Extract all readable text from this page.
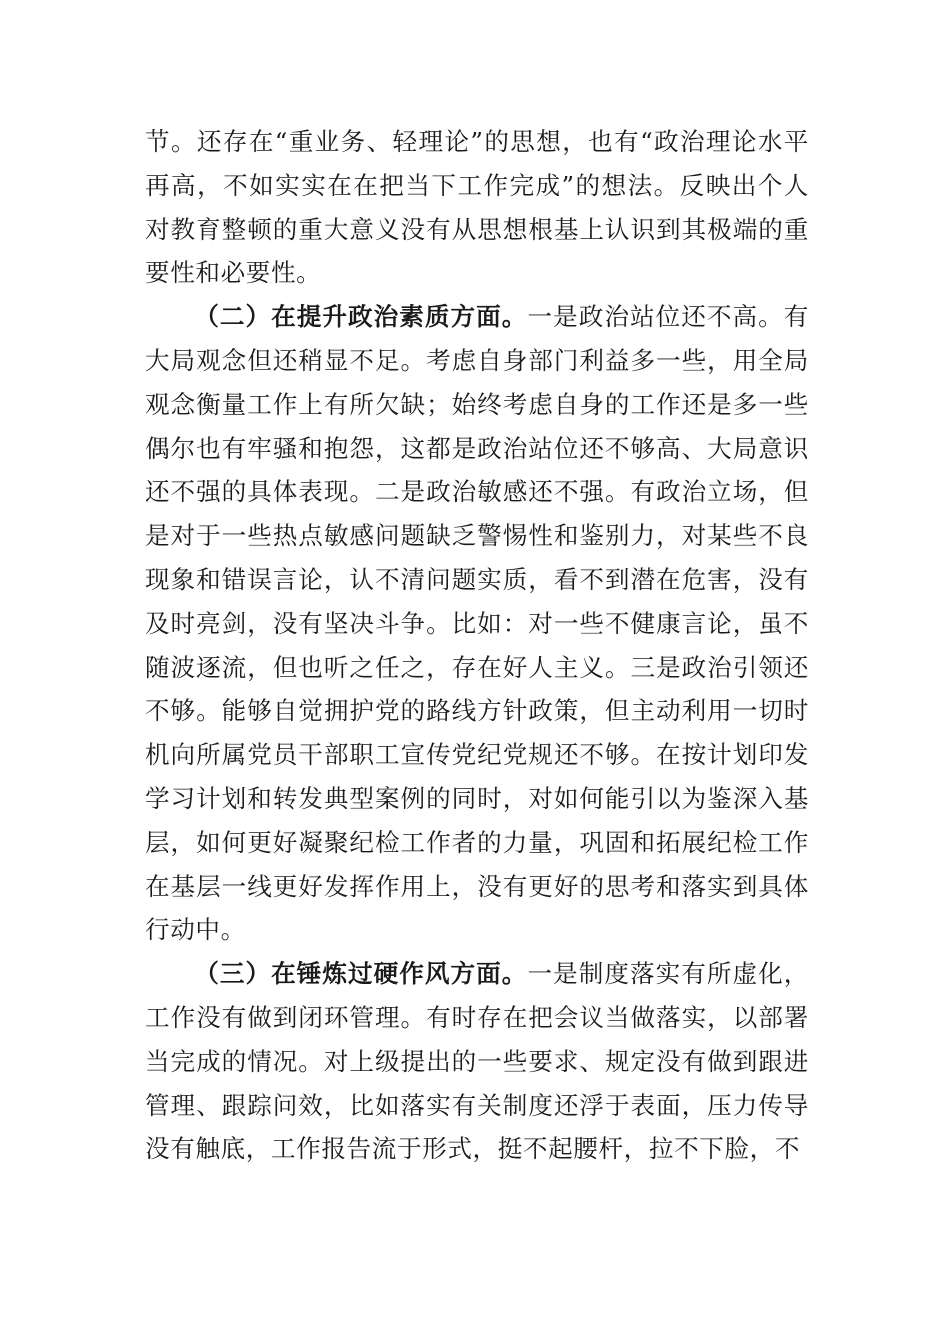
节。还存在“重业务、轻理论”的思想，也有“政治理论水平再高，不如实实在在把当下工作完成”的想法。反映出个人对教育整顿的重大意义没有从思想根基上认识到其极端的重要性和必要性。

（二）在提升政治素质方面。一是政治站位还不高。有大局观念但还稍显不足。考虑自身部门利益多一些，用全局观念衡量工作上有所欠缺；始终考虑自身的工作还是多一些偶尔也有牢骚和抱怨，这都是政治站位还不够高、大局意识还不强的具体表现。二是政治敏感还不强。有政治立场，但是对于一些热点敏感问题缺乏警惕性和鉴别力，对某些不良现象和错误言论，认不清问题实质，看不到潜在危害，没有及时亮剑，没有坚决斗争。比如：对一些不健康言论，虽不随波逐流，但也听之任之，存在好人主义。三是政治引领还不够。能够自觉拥护党的路线方针政策，但主动利用一切时机向所属党员干部职工宣传党纪党规还不够。在按计划印发学习计划和转发典型案例的同时，对如何能引以为鉴深入基层，如何更好凝聚纪检工作者的力量，巩固和拓展纪检工作在基层一线更好发挥作用上，没有更好的思考和落实到具体行动中。

（三）在锤炼过硬作风方面。一是制度落实有所虚化，工作没有做到闭环管理。有时存在把会议当做落实，以部署当完成的情况。对上级提出的一些要求、规定没有做到跟进管理、跟踪问效，比如落实有关制度还浮于表面，压力传导没有触底，工作报告流于形式，挺不起腰杆，拉不下脸，不
